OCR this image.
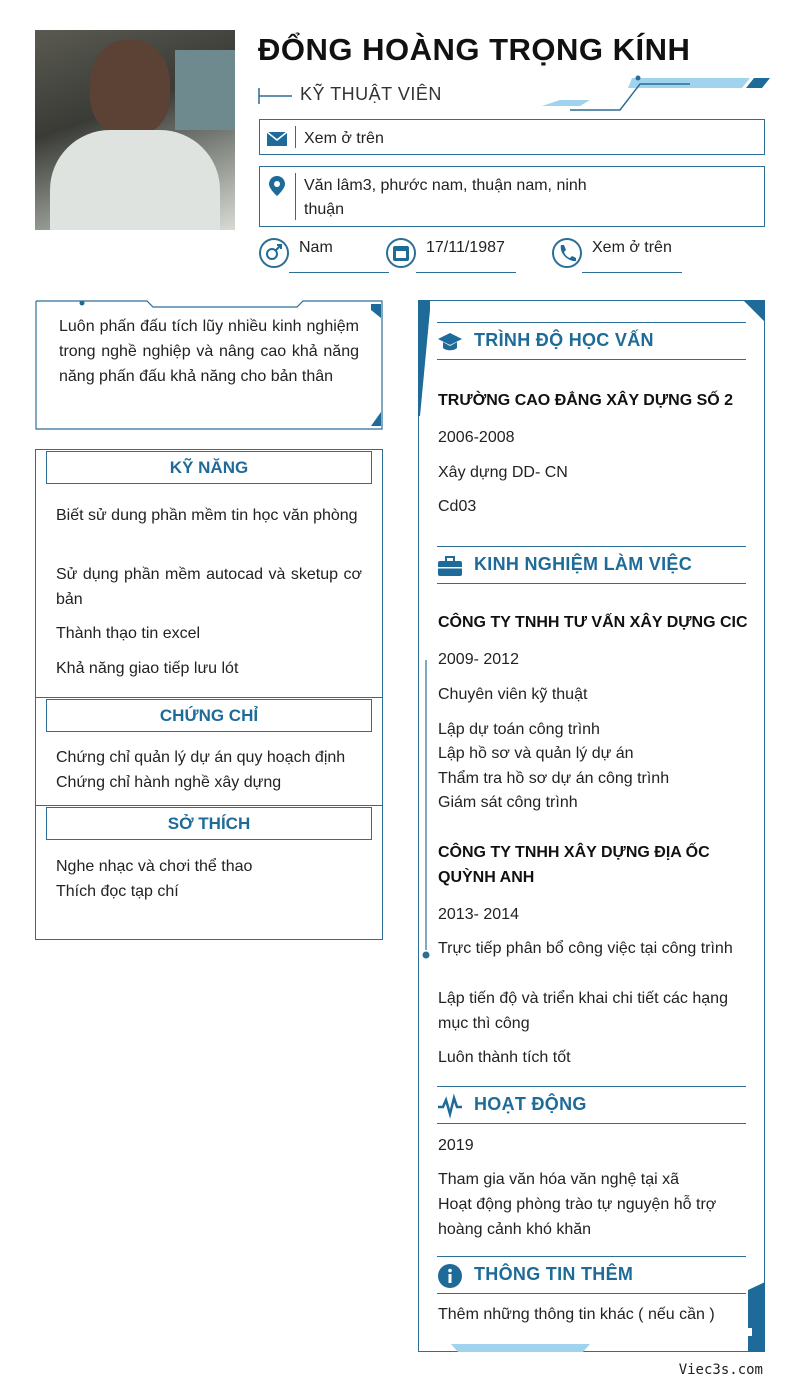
ĐỔNG HOÀNG TRỌNG KÍNH
KỸ THUẬT VIÊN
Xem ở trên
Văn lâm3, phước nam, thuận nam, ninh thuận
Nam	17/11/1987	Xem ở trên
Luôn phấn đấu tích lũy nhiều kinh nghiệm trong nghề nghiệp và nâng cao khả năng năng phấn đấu khả năng cho bản thân
KỸ NĂNG
Biết sử dung phần mềm tin học văn phòng
Sử dụng phần mềm autocad và sketup cơ bản
Thành thạo tin excel
Khả năng giao tiếp lưu lót
CHỨNG CHỈ
Chứng chỉ quản lý dự án quy hoạch định
Chứng chỉ hành nghề xây dựng
SỞ THÍCH
Nghe nhạc và chơi thể thao
Thích đọc tạp chí
TRÌNH ĐỘ HỌC VẤN
TRƯỜNG CAO ĐẲNG XÂY DỰNG SỐ 2
2006-2008
Xây dựng DD- CN
Cd03
KINH NGHIỆM LÀM VIỆC
CÔNG TY TNHH TƯ VẤN XÂY DỰNG CIC
2009- 2012
Chuyên viên kỹ thuật
Lập dự toán công trình
Lập hồ sơ và quản lý dự án
Thẩm tra hồ sơ dự án công trình
Giám sát công trình
CÔNG TY TNHH XÂY DỰNG ĐỊA ỐC QUỲNH ANH
2013- 2014
Trực tiếp phân bổ công việc tại công trình
Lập tiến độ và triển khai chi tiết các hạng mục thì công
Luôn thành tích tốt
HOẠT ĐỘNG
2019
Tham gia văn hóa văn nghệ tại xã
Hoạt động phòng trào tự nguyện hỗ trợ hoàng cảnh khó khăn
THÔNG TIN THÊM
Thêm những thông tin khác ( nếu cần )
Viec3s.com
